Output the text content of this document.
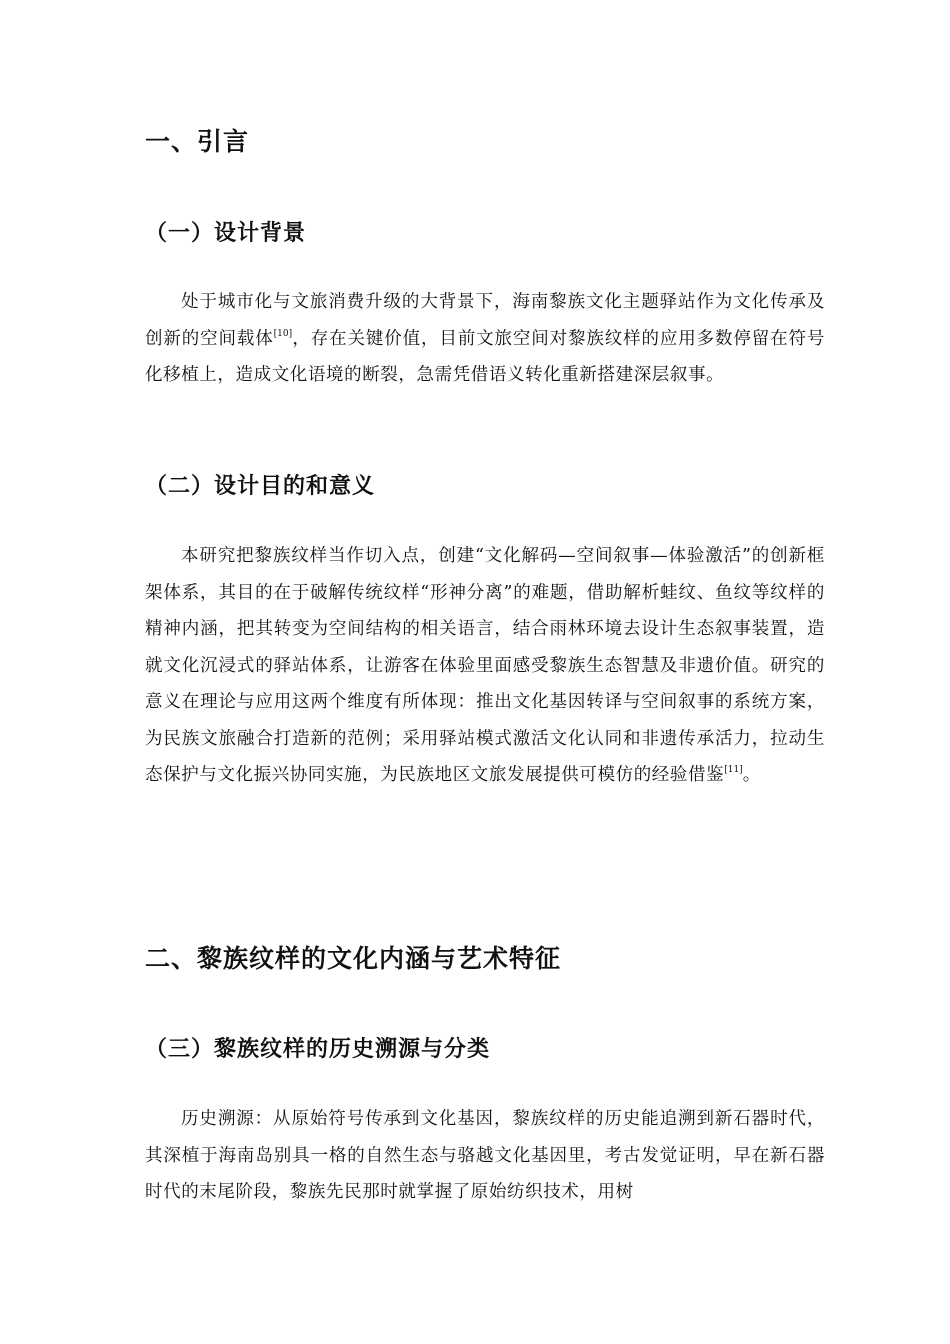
一、引言
（一）设计背景

处于城市化与文旅消费升级的大背景下，海南黎族文化主题驿站作为文化传承及创新的空间载体[10]，存在关键价值，目前文旅空间对黎族纹样的应用多数停留在符号化移植上，造成文化语境的断裂，急需凭借语义转化重新搭建深层叙事。

（二）设计目的和意义

本研究把黎族纹样当作切入点，创建“文化解码—空间叙事—体验激活”的创新框架体系，其目的在于破解传统纹样“形神分离”的难题，借助解析蛙纹、鱼纹等纹样的精神内涵，把其转变为空间结构的相关语言，结合雨林环境去设计生态叙事装置，造就文化沉浸式的驿站体系，让游客在体验里面感受黎族生态智慧及非遗价值。研究的意义在理论与应用这两个维度有所体现：推出文化基因转译与空间叙事的系统方案，为民族文旅融合打造新的范例；采用驿站模式激活文化认同和非遗传承活力，拉动生态保护与文化振兴协同实施，为民族地区文旅发展提供可模仿的经验借鉴[11]。

二、黎族纹样的文化内涵与艺术特征
（三）黎族纹样的历史溯源与分类

历史溯源：从原始符号传承到文化基因，黎族纹样的历史能追溯到新石器时代，其深植于海南岛别具一格的自然生态与骆越文化基因里，考古发觉证明，早在新石器时代的末尾阶段，黎族先民那时就掌握了原始纺织技术，用树
